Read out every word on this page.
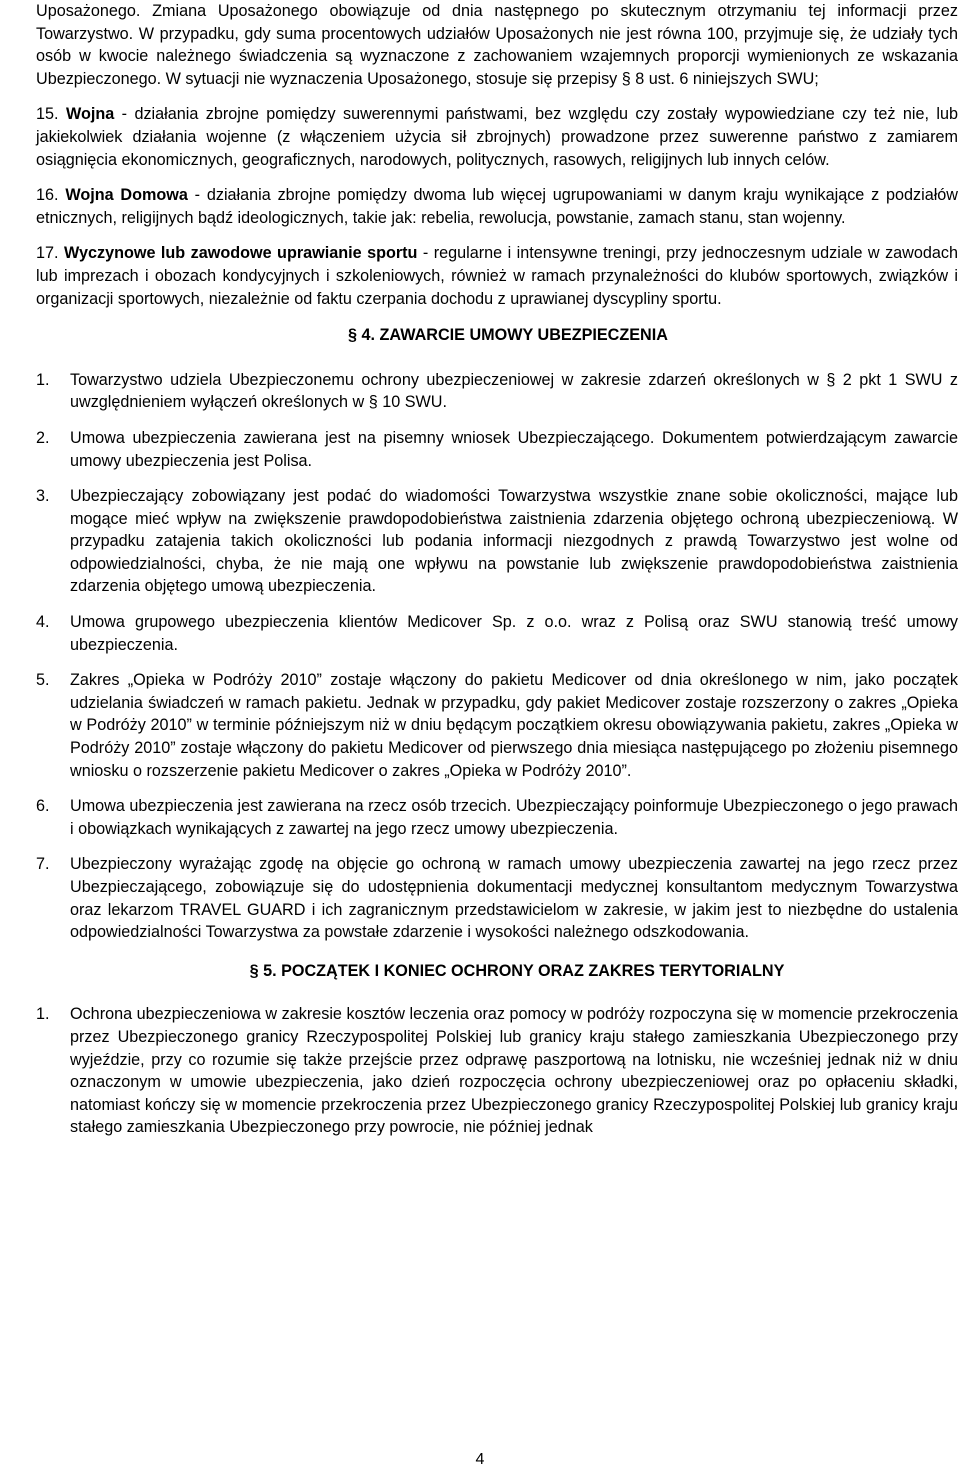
Uposażonego. Zmiana Uposażonego obowiązuje od dnia następnego po skutecznym otrzymaniu tej informacji przez Towarzystwo. W przypadku, gdy suma procentowych udziałów Uposażonych nie jest równa 100, przyjmuje się, że udziały tych osób w kwocie należnego świadczenia są wyznaczone z zachowaniem wzajemnych proporcji wymienionych ze wskazania Ubezpieczonego. W sytuacji nie wyznaczenia Uposażonego, stosuje się przepisy § 8 ust. 6 niniejszych SWU;

15. Wojna - działania zbrojne pomiędzy suwerennymi państwami, bez względu czy zostały wypowiedziane czy też nie, lub jakiekolwiek działania wojenne (z włączeniem użycia sił zbrojnych) prowadzone przez suwerenne państwo z zamiarem osiągnięcia ekonomicznych, geograficznych, narodowych, politycznych, rasowych, religijnych lub innych celów.

16. Wojna Domowa - działania zbrojne pomiędzy dwoma lub więcej ugrupowaniami w danym kraju wynikające z podziałów etnicznych, religijnych bądź ideologicznych, takie jak: rebelia, rewolucja, powstanie, zamach stanu, stan wojenny.

17. Wyczynowe lub zawodowe uprawianie sportu - regularne i intensywne treningi, przy jednoczesnym udziale w zawodach lub imprezach i obozach kondycyjnych i szkoleniowych, również w ramach przynależności do klubów sportowych, związków i organizacji sportowych, niezależnie od faktu czerpania dochodu z uprawianej dyscypliny sportu.

§ 4. ZAWARCIE UMOWY UBEZPIECZENIA
1. Towarzystwo udziela Ubezpieczonemu ochrony ubezpieczeniowej w zakresie zdarzeń określonych w § 2 pkt 1 SWU z uwzględnieniem wyłączeń określonych w § 10 SWU.
2. Umowa ubezpieczenia zawierana jest na pisemny wniosek Ubezpieczającego. Dokumentem potwierdzającym zawarcie umowy ubezpieczenia jest Polisa.
3. Ubezpieczający zobowiązany jest podać do wiadomości Towarzystwa wszystkie znane sobie okoliczności, mające lub mogące mieć wpływ na zwiększenie prawdopodobieństwa zaistnienia zdarzenia objętego ochroną ubezpieczeniową. W przypadku zatajenia takich okoliczności lub podania informacji niezgodnych z prawdą Towarzystwo jest wolne od odpowiedzialności, chyba, że nie mają one wpływu na powstanie lub zwiększenie prawdopodobieństwa zaistnienia zdarzenia objętego umową ubezpieczenia.
4. Umowa grupowego ubezpieczenia klientów Medicover Sp. z o.o. wraz z Polisą oraz SWU stanowią treść umowy ubezpieczenia.
5. Zakres „Opieka w Podróży 2010” zostaje włączony do pakietu Medicover od dnia określonego w nim, jako początek udzielania świadczeń w ramach pakietu. Jednak w przypadku, gdy pakiet Medicover zostaje rozszerzony o zakres „Opieka w Podróży 2010” w terminie późniejszym niż w dniu będącym początkiem okresu obowiązywania pakietu, zakres „Opieka w Podróży 2010” zostaje włączony do pakietu Medicover od pierwszego dnia miesiąca następującego po złożeniu pisemnego wniosku o rozszerzenie pakietu Medicover o zakres „Opieka w Podróży 2010”.
6. Umowa ubezpieczenia jest zawierana na rzecz osób trzecich. Ubezpieczający poinformuje Ubezpieczonego o jego prawach i obowiązkach wynikających z zawartej na jego rzecz umowy ubezpieczenia.
7. Ubezpieczony wyrażając zgodę na objęcie go ochroną w ramach umowy ubezpieczenia zawartej na jego rzecz przez Ubezpieczającego, zobowiązuje się do udostępnienia dokumentacji medycznej konsultantom medycznym Towarzystwa oraz lekarzom TRAVEL GUARD i ich zagranicznym przedstawicielom w zakresie, w jakim jest to niezbędne do ustalenia odpowiedzialności Towarzystwa za powstałe zdarzenie i wysokości należnego odszkodowania.
§ 5. POCZĄTEK I KONIEC OCHRONY ORAZ ZAKRES TERYTORIALNY
1. Ochrona ubezpieczeniowa w zakresie kosztów leczenia oraz pomocy w podróży rozpoczyna się w momencie przekroczenia przez Ubezpieczonego granicy Rzeczypospolitej Polskiej lub granicy kraju stałego zamieszkania Ubezpieczonego przy wyjeździe, przy co rozumie się także przejście przez odprawę paszportową na lotnisku, nie wcześniej jednak niż w dniu oznaczonym w umowie ubezpieczenia, jako dzień rozpoczęcia ochrony ubezpieczeniowej oraz po opłaceniu składki, natomiast kończy się w momencie przekroczenia przez Ubezpieczonego granicy Rzeczypospolitej Polskiej lub granicy kraju stałego zamieszkania Ubezpieczonego przy powrocie, nie później jednak
4
